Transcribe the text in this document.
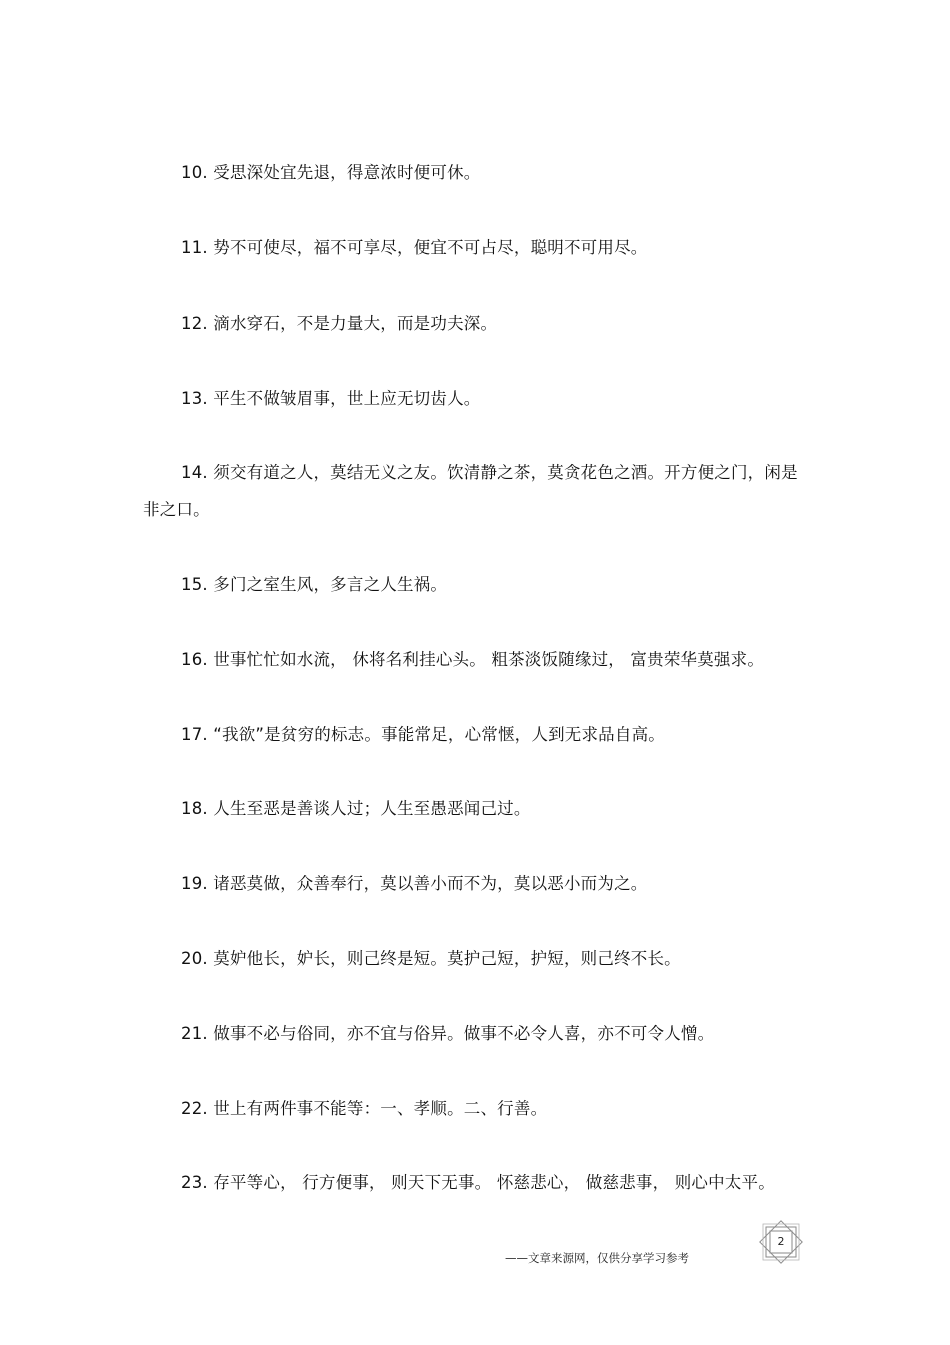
10. 受思深处宜先退，得意浓时便可休。

11. 势不可使尽，福不可享尽，便宜不可占尽，聪明不可用尽。

12. 滴水穿石，不是力量大，而是功夫深。

13. 平生不做皱眉事，世上应无切齿人。

14. 须交有道之人，莫结无义之友。饮清静之茶，莫贪花色之酒。开方便之门，闲是非之口。

15. 多门之室生风，多言之人生祸。

16. 世事忙忙如水流， 休将名利挂心头。 粗茶淡饭随缘过， 富贵荣华莫强求。

17. “我欲”是贫穷的标志。事能常足，心常惬，人到无求品自高。

18. 人生至恶是善谈人过；人生至愚恶闻己过。

19. 诸恶莫做，众善奉行，莫以善小而不为，莫以恶小而为之。

20. 莫妒他长，妒长，则己终是短。莫护己短，护短，则己终不长。

21. 做事不必与俗同，亦不宜与俗异。做事不必令人喜，亦不可令人憎。

22. 世上有两件事不能等：一、孝顺。二、行善。

23. 存平等心， 行方便事， 则天下无事。 怀慈悲心， 做慈悲事， 则心中太平。

——文章来源网，仅供分享学习参考
2
